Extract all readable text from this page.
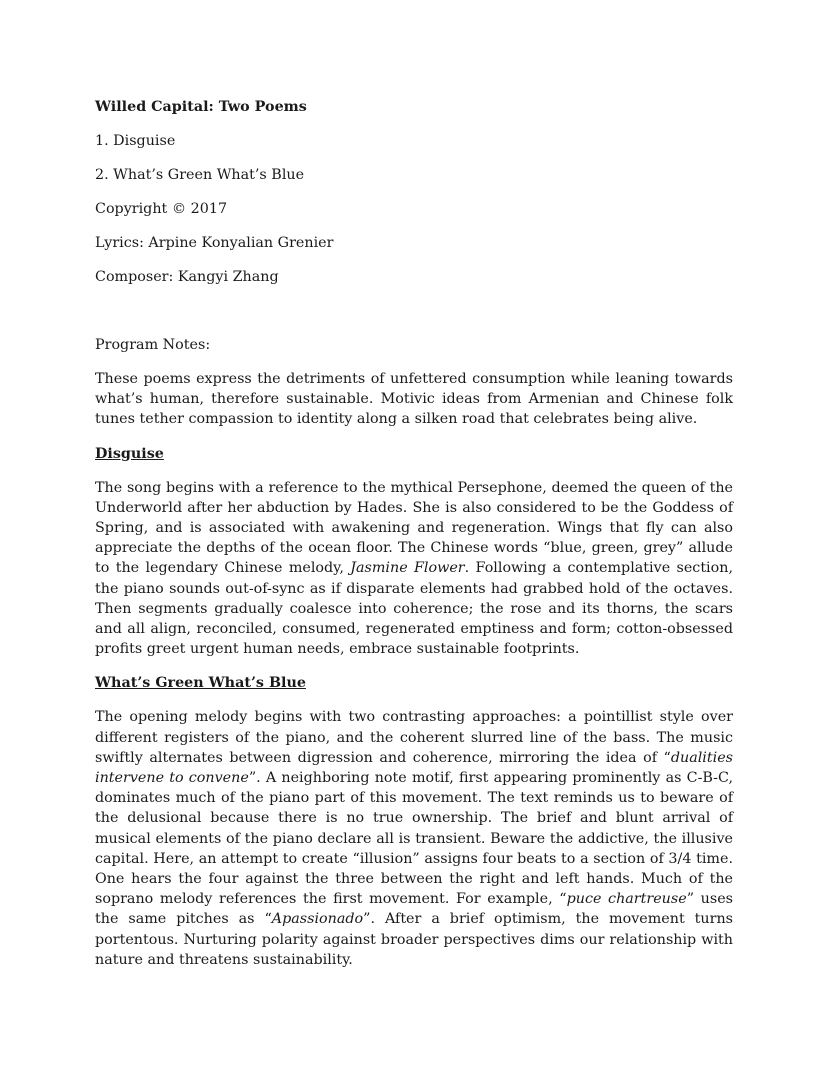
Willed Capital: Two Poems
1. Disguise
2. What’s Green What’s Blue
Copyright © 2017
Lyrics: Arpine Konyalian Grenier
Composer: Kangyi Zhang
Program Notes:

These poems express the detriments of unfettered consumption while leaning towards what’s human, therefore sustainable. Motivic ideas from Armenian and Chinese folk tunes tether compassion to identity along a silken road that celebrates being alive.

Disguise

The song begins with a reference to the mythical Persephone, deemed the queen of the Underworld after her abduction by Hades. She is also considered to be the Goddess of Spring, and is associated with awakening and regeneration. Wings that fly can also appreciate the depths of the ocean floor. The Chinese words “blue, green, grey” allude to the legendary Chinese melody, Jasmine Flower. Following a contemplative section, the piano sounds out-of-sync as if disparate elements had grabbed hold of the octaves. Then segments gradually coalesce into coherence; the rose and its thorns, the scars and all align, reconciled, consumed, regenerated emptiness and form; cotton-obsessed profits greet urgent human needs, embrace sustainable footprints.

What’s Green What’s Blue

The opening melody begins with two contrasting approaches: a pointillist style over different registers of the piano, and the coherent slurred line of the bass. The music swiftly alternates between digression and coherence, mirroring the idea of “dualities intervene to convene”. A neighboring note motif, first appearing prominently as C-B-C, dominates much of the piano part of this movement. The text reminds us to beware of the delusional because there is no true ownership. The brief and blunt arrival of musical elements of the piano declare all is transient. Beware the addictive, the illusive capital. Here, an attempt to create “illusion” assigns four beats to a section of 3/4 time. One hears the four against the three between the right and left hands. Much of the soprano melody references the first movement. For example, “puce chartreuse” uses the same pitches as “Apassionado”. After a brief optimism, the movement turns portentous. Nurturing polarity against broader perspectives dims our relationship with nature and threatens sustainability.
